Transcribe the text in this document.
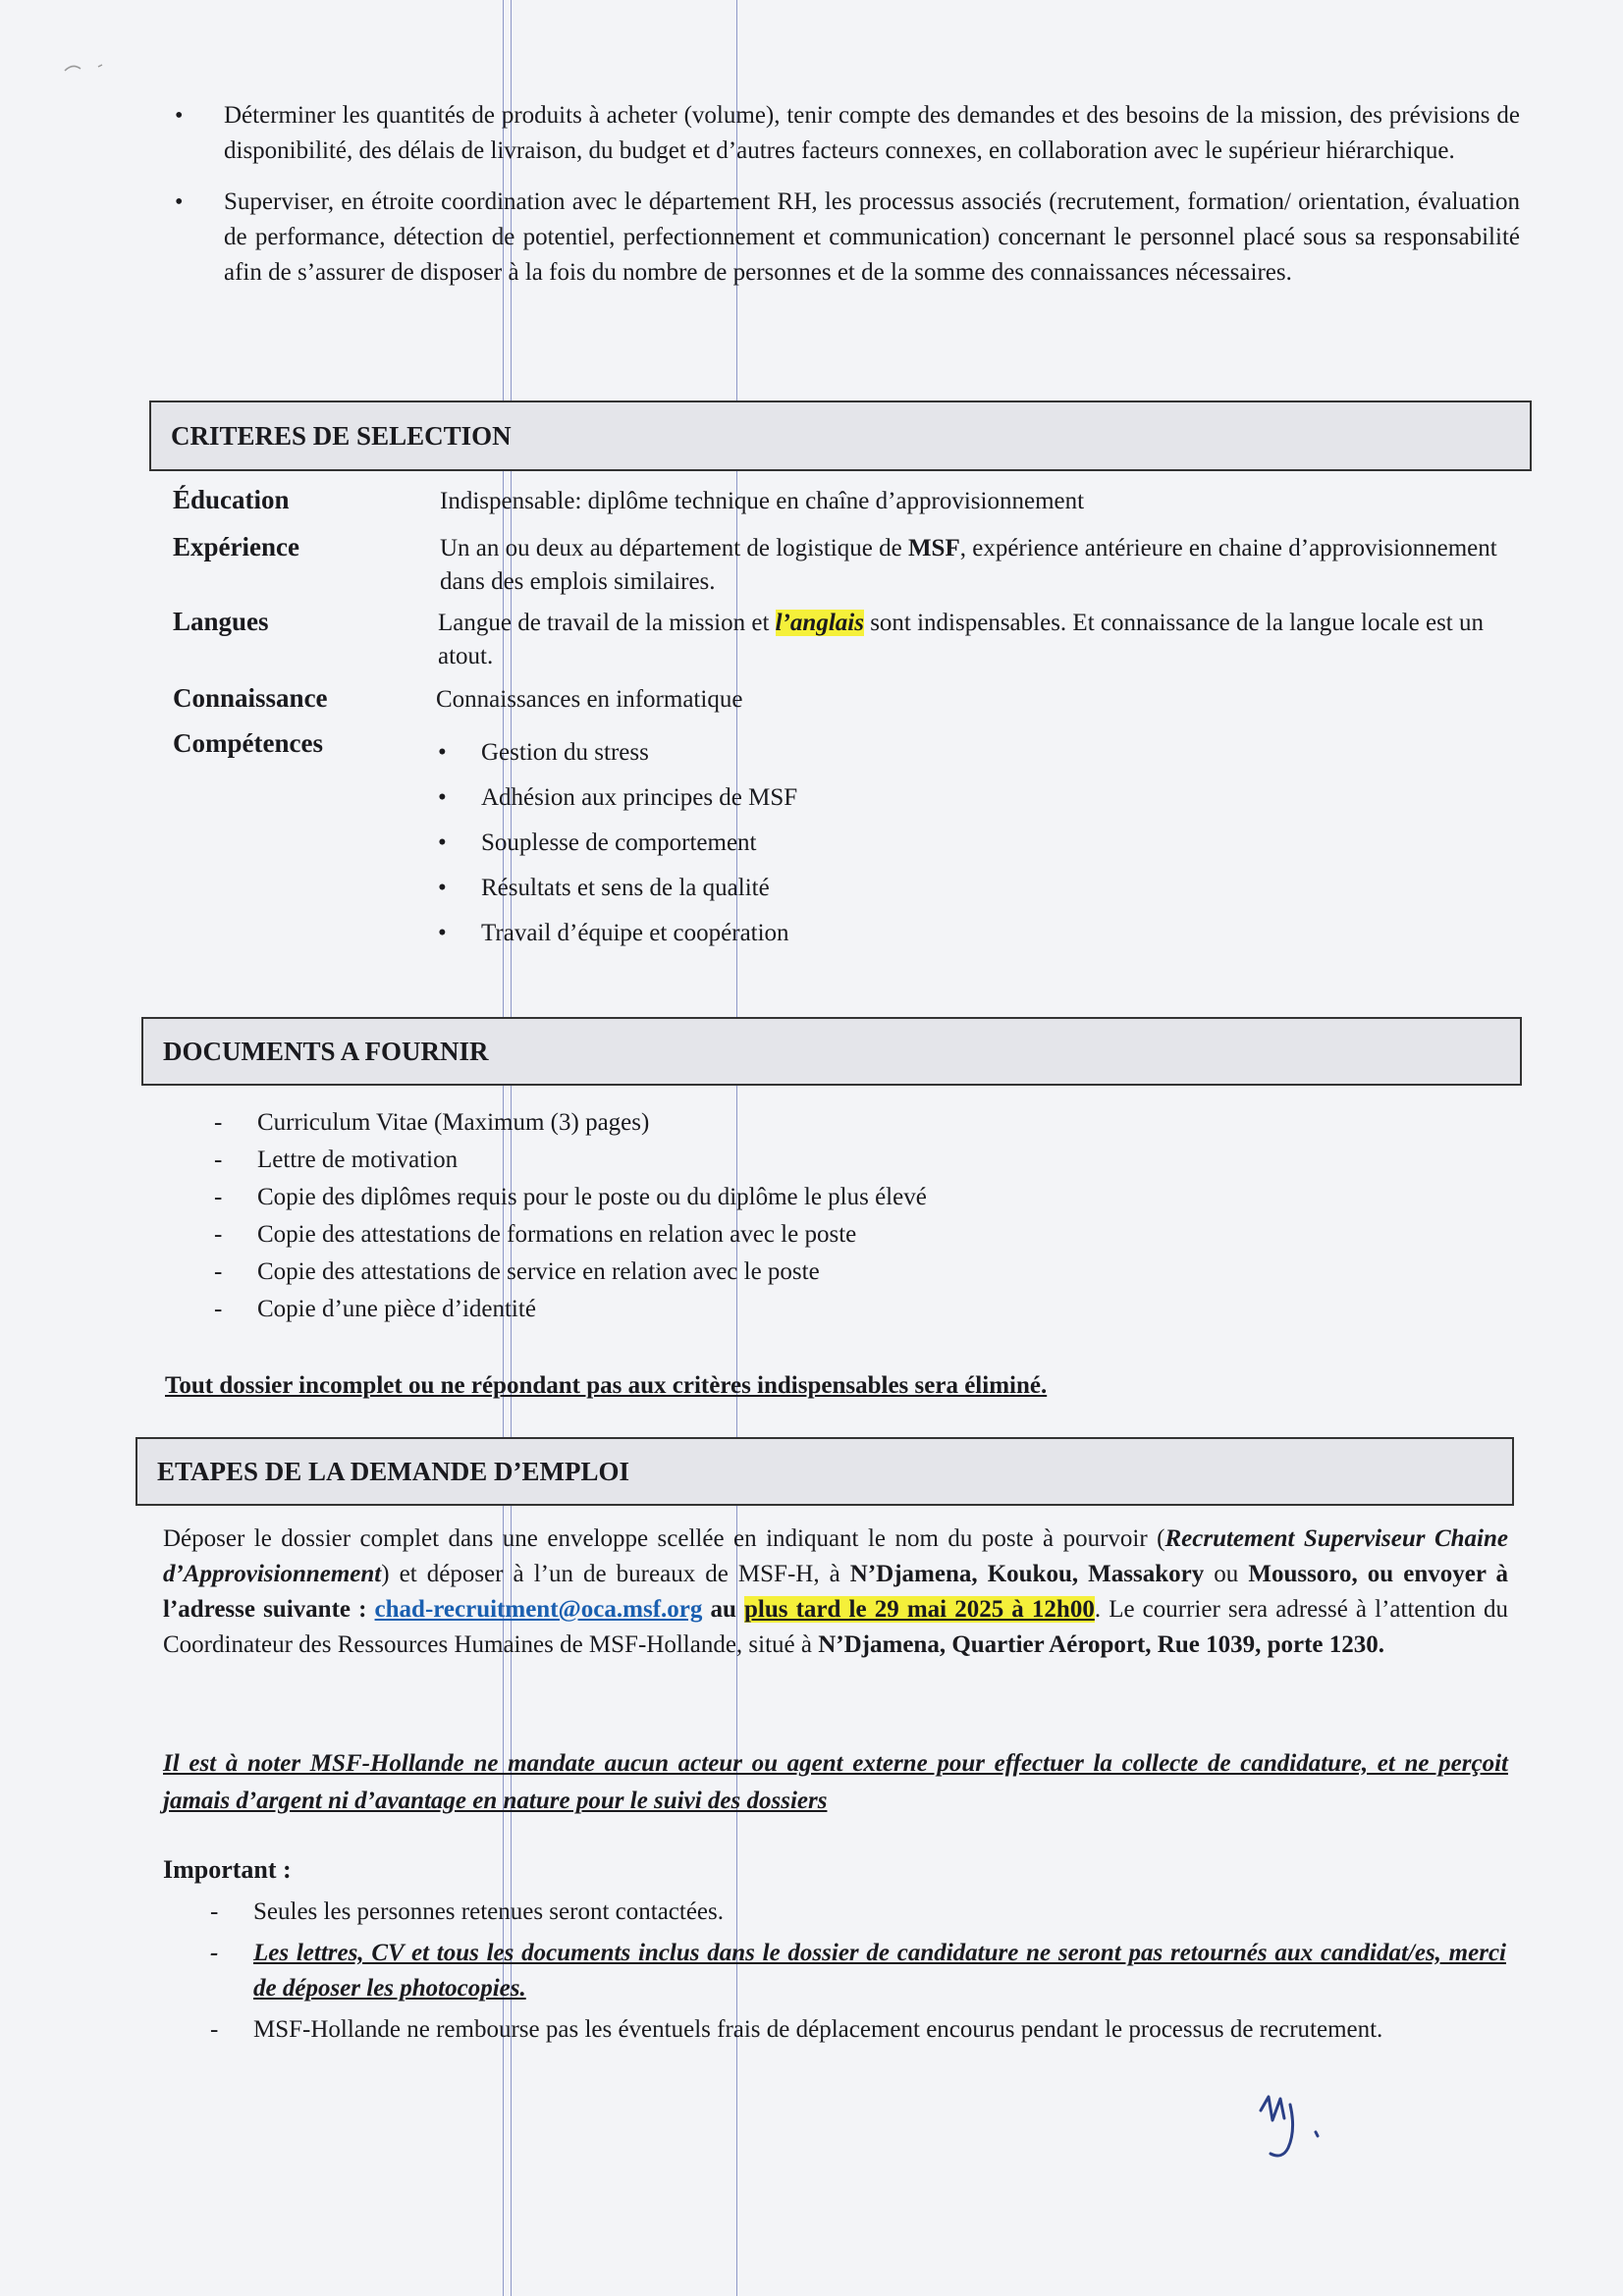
• Déterminer les quantités de produits à acheter (volume), tenir compte des demandes et des besoins de la mission, des prévisions de disponibilité, des délais de livraison, du budget et d’autres facteurs connexes, en collaboration avec le supérieur hiérarchique.
• Superviser, en étroite coordination avec le département RH, les processus associés (recrutement, formation/ orientation, évaluation de performance, détection de potentiel, perfectionnement et communication) concernant le personnel placé sous sa responsabilité afin de s’assurer de disposer à la fois du nombre de personnes et de la somme des connaissances nécessaires.
CRITERES DE SELECTION
Éducation	Indispensable: diplôme technique en chaîne d’approvisionnement
Expérience	Un an ou deux au département de logistique de MSF, expérience antérieure en chaine d’approvisionnement dans des emplois similaires.
Langues	Langue de travail de la mission et l’anglais sont indispensables. Et connaissance de la langue locale est un atout.
Connaissance	Connaissances en informatique
Compétences
•	Gestion du stress
• Adhésion aux principes de MSF
• Souplesse de comportement
• Résultats et sens de la qualité
• Travail d’équipe et coopération
DOCUMENTS A FOURNIR
- Curriculum Vitae (Maximum (3) pages)
- Lettre de motivation
- Copie des diplômes requis pour le poste ou du diplôme le plus élevé
- Copie des attestations de formations en relation avec le poste
- Copie des attestations de service en relation avec le poste
- Copie d’une pièce d’identité
Tout dossier incomplet ou ne répondant pas aux critères indispensables sera éliminé.
ETAPES DE LA DEMANDE D’EMPLOI
Déposer le dossier complet dans une enveloppe scellée en indiquant le nom du poste à pourvoir (Recrutement Superviseur Chaine d’Approvisionnement) et déposer à l’un de bureaux de MSF-H, à N’Djamena, Koukou, Massakory ou Moussoro, ou envoyer à l’adresse suivante : chad-recruitment@oca.msf.org au plus tard le 29 mai 2025 à 12h00. Le courrier sera adressé à l’attention du Coordinateur des Ressources Humaines de MSF-Hollande, situé à N’Djamena, Quartier Aéroport, Rue 1039, porte 1230.
Il est à noter MSF-Hollande ne mandate aucun acteur ou agent externe pour effectuer la collecte de candidature, et ne perçoit jamais d’argent ni d’avantage en nature pour le suivi des dossiers
Important :
- Seules les personnes retenues seront contactées.
- Les lettres, CV et tous les documents inclus dans le dossier de candidature ne seront pas retournés aux candidat/es, merci de déposer les photocopies.
- MSF-Hollande ne rembourse pas les éventuels frais de déplacement encourus pendant le processus de recrutement.
